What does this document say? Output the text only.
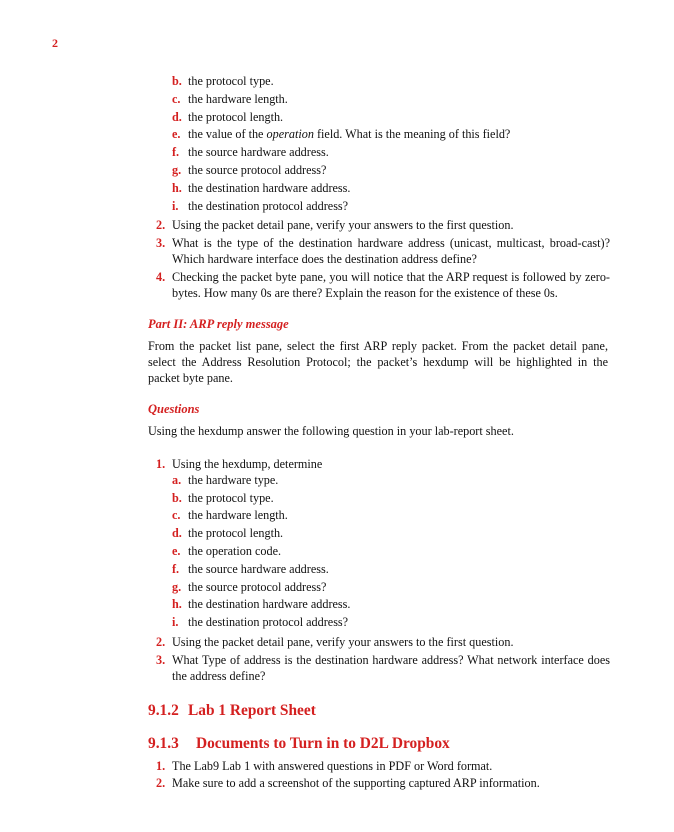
2
b. the protocol type.
c. the hardware length.
d. the protocol length.
e. the value of the operation field. What is the meaning of this field?
f. the source hardware address.
g. the source protocol address?
h. the destination hardware address.
i. the destination protocol address?
2. Using the packet detail pane, verify your answers to the first question.
3. What is the type of the destination hardware address (unicast, multicast, broad-cast)? Which hardware interface does the destination address define?
4. Checking the packet byte pane, you will notice that the ARP request is followed by zero-bytes. How many 0s are there? Explain the reason for the existence of these 0s.
Part II: ARP reply message
From the packet list pane, select the first ARP reply packet. From the packet detail pane, select the Address Resolution Protocol; the packet’s hexdump will be highlighted in the packet byte pane.
Questions
Using the hexdump answer the following question in your lab-report sheet.
1. Using the hexdump, determine
a. the hardware type.
b. the protocol type.
c. the hardware length.
d. the protocol length.
e. the operation code.
f. the source hardware address.
g. the source protocol address?
h. the destination hardware address.
i. the destination protocol address?
2. Using the packet detail pane, verify your answers to the first question.
3. What Type of address is the destination hardware address? What network interface does the address define?
9.1.2 Lab 1 Report Sheet
9.1.3 Documents to Turn in to D2L Dropbox
1. The Lab9 Lab 1 with answered questions in PDF or Word format.
2. Make sure to add a screenshot of the supporting captured ARP information.
